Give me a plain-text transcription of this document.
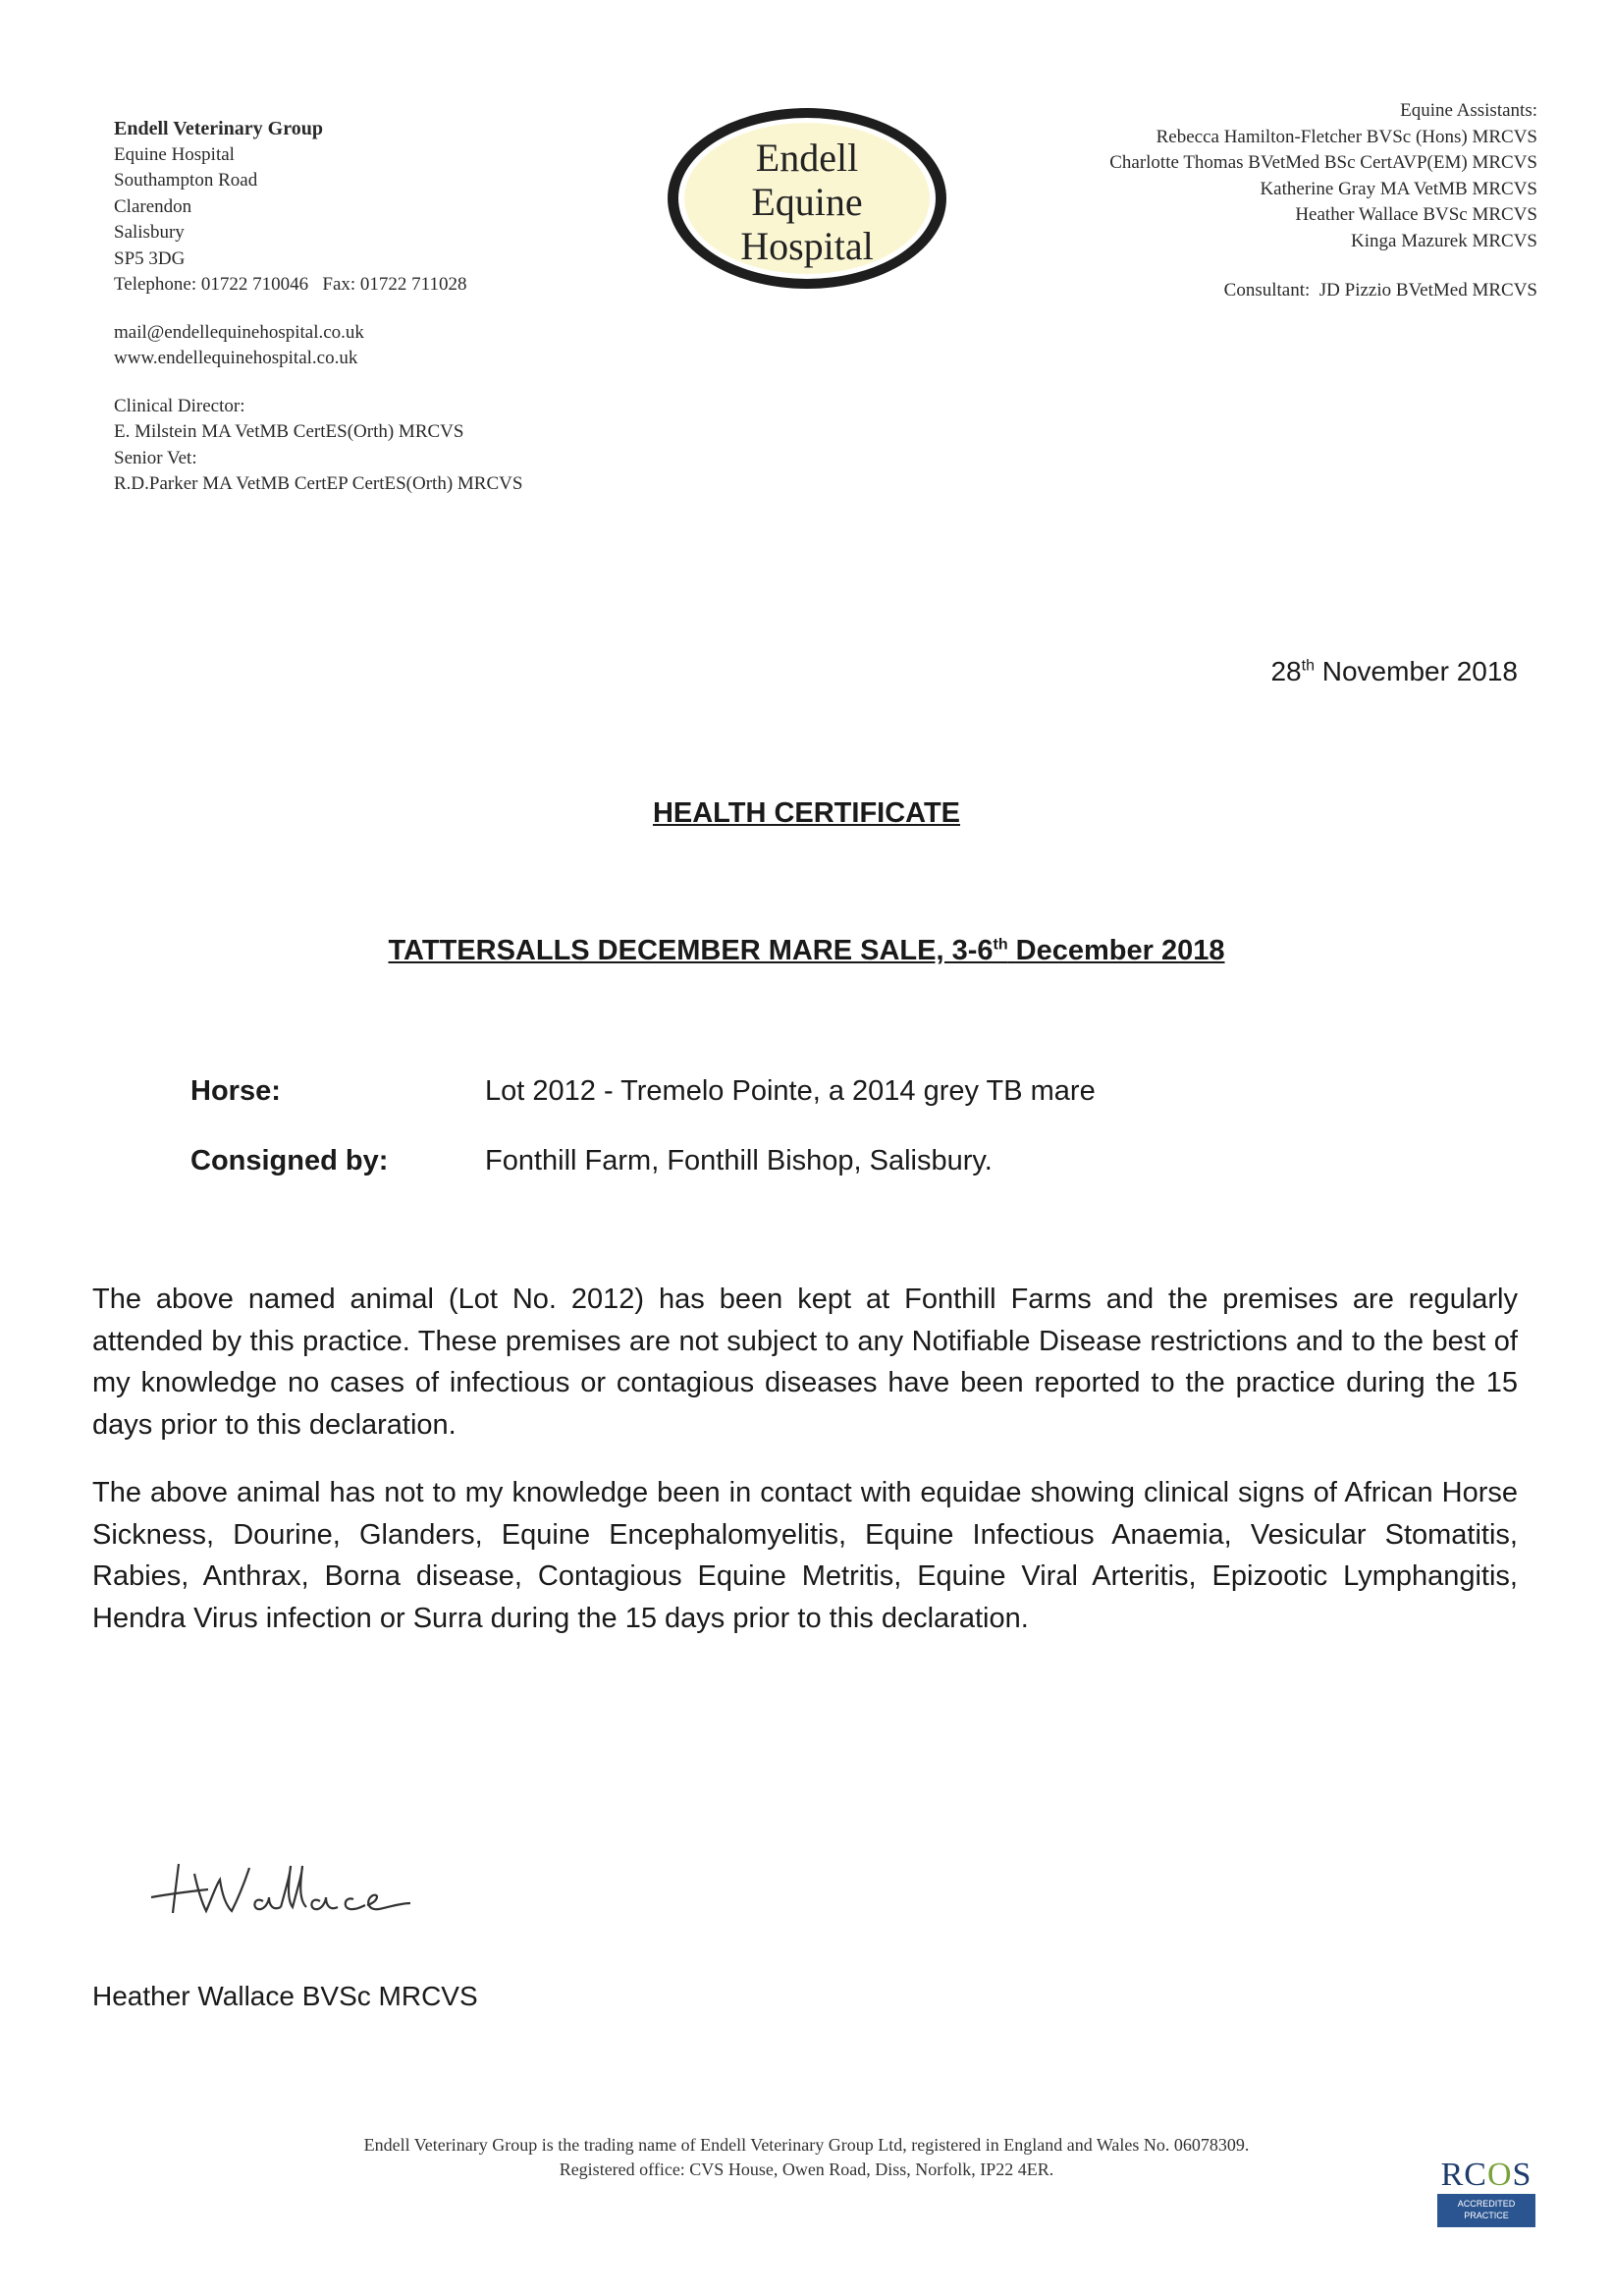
Endell Veterinary Group
Equine Hospital
Southampton Road
Clarendon
Salisbury
SP5 3DG
Telephone: 01722 710046   Fax: 01722 711028
mail@endellequinehospital.co.uk
www.endellequinehospital.co.uk
Clinical Director:
E. Milstein MA VetMB CertES(Orth) MRCVS
Senior Vet:
R.D.Parker MA VetMB CertEP CertES(Orth) MRCVS
Endell
Equine
Hospital
Equine Assistants:
Rebecca Hamilton-Fletcher BVSc (Hons) MRCVS
Charlotte Thomas BVetMed BSc CertAVP(EM) MRCVS
Katherine Gray MA VetMB MRCVS
Heather Wallace BVSc MRCVS
Kinga Mazurek MRCVS
Consultant:  JD Pizzio BVetMed MRCVS
28th November 2018
HEALTH CERTIFICATE
TATTERSALLS DECEMBER MARE SALE, 3-6th December 2018
Horse:	Lot 2012 - Tremelo Pointe, a 2014 grey TB mare
Consigned by:	Fonthill Farm, Fonthill Bishop, Salisbury.

The above named animal (Lot No. 2012) has been kept at Fonthill Farms and the premises are regularly attended by this practice. These premises are not subject to any Notifiable Disease restrictions and to the best of my knowledge no cases of infectious or contagious diseases have been reported to the practice during the 15 days prior to this declaration.

The above animal has not to my knowledge been in contact with equidae showing clinical signs of African Horse Sickness, Dourine, Glanders, Equine Encephalomyelitis, Equine Infectious Anaemia, Vesicular Stomatitis, Rabies, Anthrax, Borna disease, Contagious Equine Metritis, Equine Viral Arteritis, Epizootic Lymphangitis, Hendra Virus infection or Surra during the 15 days prior to this declaration.

Heather Wallace BVSc MRCVS
Endell Veterinary Group is the trading name of Endell Veterinary Group Ltd, registered in England and Wales No. 06078309.
Registered office: CVS House, Owen Road, Diss, Norfolk, IP22 4ER.	RCOS
ACCREDITED
PRACTICE
